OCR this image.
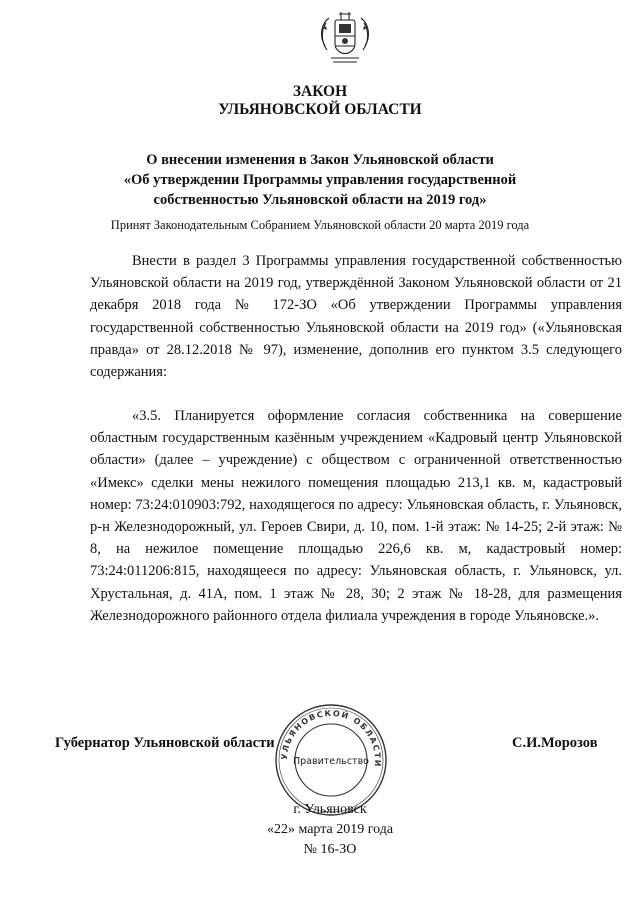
ЗАКОН
УЛЬЯНОВСКОЙ ОБЛАСТИ
О внесении изменения в Закон Ульяновской области
«Об утверждении Программы управления государственной
собственностью Ульяновской области на 2019 год»
Принят Законодательным Собранием Ульяновской области 20 марта 2019 года
Внести в раздел 3 Программы управления государственной собственностью Ульяновской области на 2019 год, утверждённой Законом Ульяновской области от 21 декабря 2018 года № 172-ЗО «Об утверждении Программы управления государственной собственностью Ульяновской области на 2019 год» («Ульяновская правда» от 28.12.2018 № 97), изменение, дополнив его пунктом 3.5 следующего содержания:
«3.5. Планируется оформление согласия собственника на совершение областным государственным казённым учреждением «Кадровый центр Ульяновской области» (далее – учреждение) с обществом с ограниченной ответственностью «Имекс» сделки мены нежилого помещения площадью 213,1 кв. м, кадастровый номер: 73:24:010903:792, находящегося по адресу: Ульяновская область, г. Ульяновск, р-н Железнодорожный, ул. Героев Свири, д. 10, пом. 1-й этаж: № 14-25; 2-й этаж: № 8, на нежилое помещение площадью 226,6 кв. м, кадастровый номер: 73:24:011206:815, находящееся по адресу: Ульяновская область, г. Ульяновск, ул. Хрустальная, д. 41А, пом. 1 этаж № 28, 30; 2 этаж № 18-28, для размещения Железнодорожного районного отдела филиала учреждения в городе Ульяновске.».
Губернатор Ульяновской области	С.И.Морозов
УЛЬЯНОВСКОЙ ОБЛАСТИ
Правительство
г. Ульяновск
«22» марта 2019 года
№ 16-ЗО
